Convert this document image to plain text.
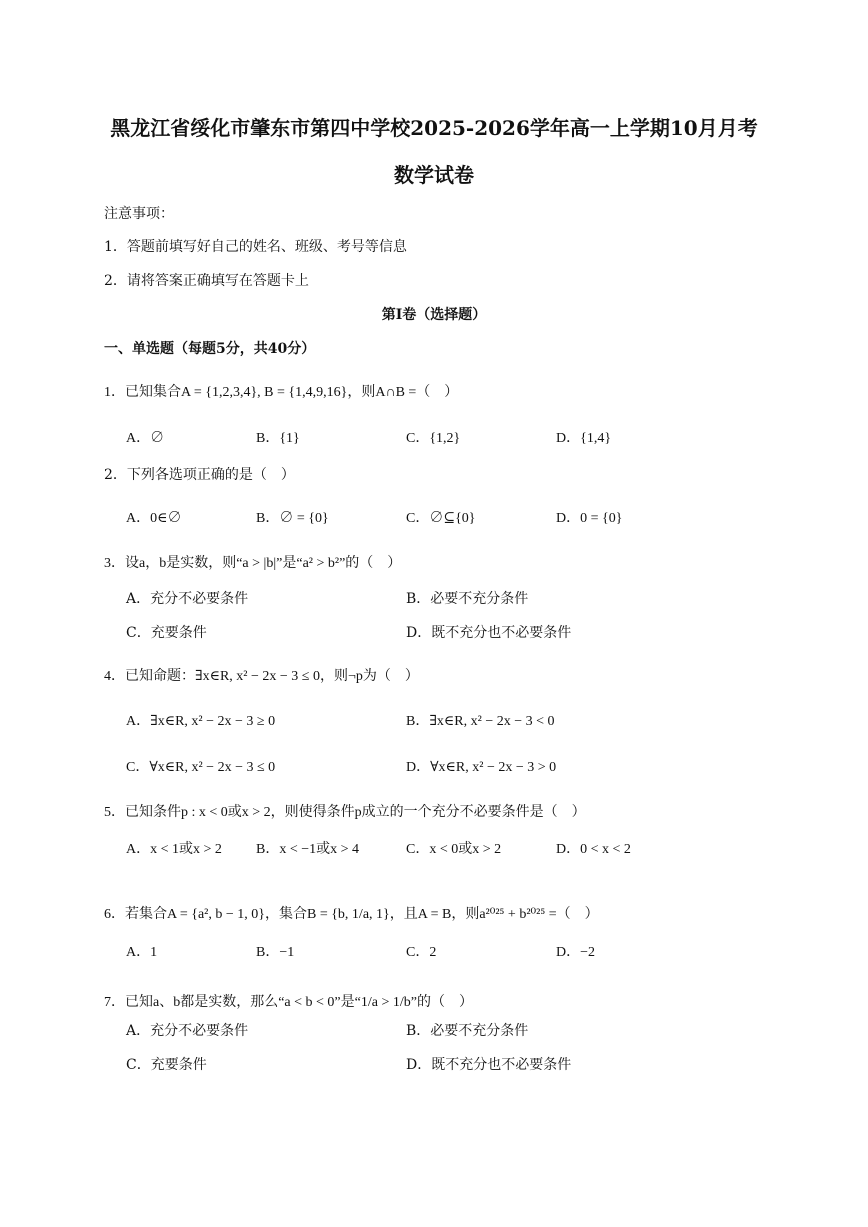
黑龙江省绥化市肇东市第四中学校2025-2026学年高一上学期10月月考
数学试卷
注意事项：
1．答题前填写好自己的姓名、班级、考号等信息
2．请将答案正确填写在答题卡上
第I卷（选择题）
一、单选题（每题5分，共40分）
1．已知集合A = {1,2,3,4}, B = {1,4,9,16}，则A∩B =（　）
A．∅	B．{1}	C．{1,2}	D．{1,4}
2．下列各选项正确的是（　）
A．0∈∅	B．∅ = {0}	C．∅⊆{0}	D．0 = {0}
3．设a，b是实数，则“a > |b|”是“a² > b²”的（　）
A．充分不必要条件	B．必要不充分条件
C．充要条件	D．既不充分也不必要条件
4．已知命题：∃x∈R, x² − 2x − 3 ≤ 0，则¬p为（　）
A．∃x∈R, x² − 2x − 3 ≥ 0	B．∃x∈R, x² − 2x − 3 < 0
C．∀x∈R, x² − 2x − 3 ≤ 0	D．∀x∈R, x² − 2x − 3 > 0
5．已知条件p : x < 0或x > 2，则使得条件p成立的一个充分不必要条件是（　）
A．x < 1或x > 2 B．x < −1或x > 4	C．x < 0或x > 2	D．0 < x < 2
6．若集合A = {a², b − 1, 0}，集合B = {b, 1/a, 1}，且A = B，则a²⁰²⁵ + b²⁰²⁵ =（　）
A．1	B．−1	C．2	D．−2
7．已知a、b都是实数，那么“a < b < 0”是“1/a > 1/b”的（　）
A．充分不必要条件	B．必要不充分条件
C．充要条件	D．既不充分也不必要条件
